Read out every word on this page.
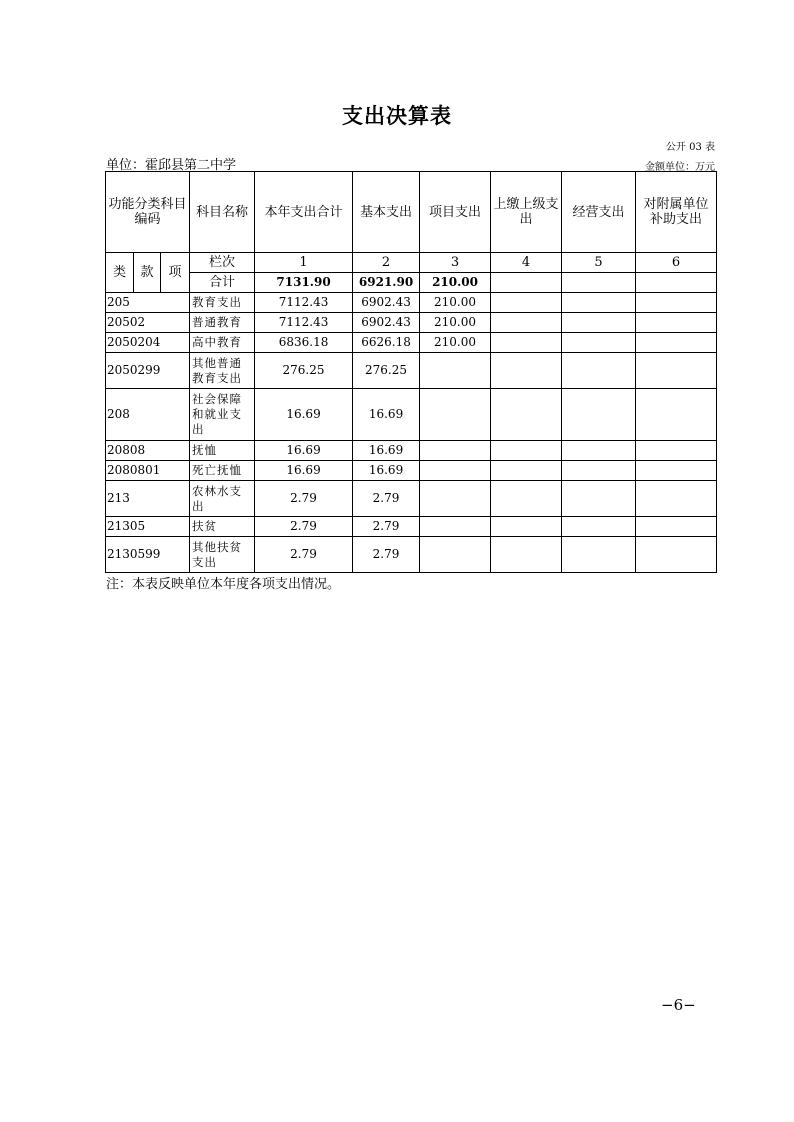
支出决算表
公开 03 表
单位：霍邱县第二中学	金额单位：万元
功能分类科目编码			科目名称	本年支出合计	基本支出	项目支出	上缴上级支出	经营支出	对附属单位补助支出
类	款	项	栏次	1	2	3	4	5	6
			合计	7131.90	6921.90	210.00			
205			教育支出	7112.43	6902.43	210.00			
20502			普通教育	7112.43	6902.43	210.00			
2050204			高中教育	6836.18	6626.18	210.00			
2050299			其他普通教育支出	276.25	276.25				
208			社会保障和就业支出	16.69	16.69				
20808			抚恤	16.69	16.69				
2080801			死亡抚恤	16.69	16.69				
213			农林水支出	2.79	2.79				
21305			扶贫	2.79	2.79				
2130599			其他扶贫支出	2.79	2.79				
注：本表反映单位本年度各项支出情况。
−6−
